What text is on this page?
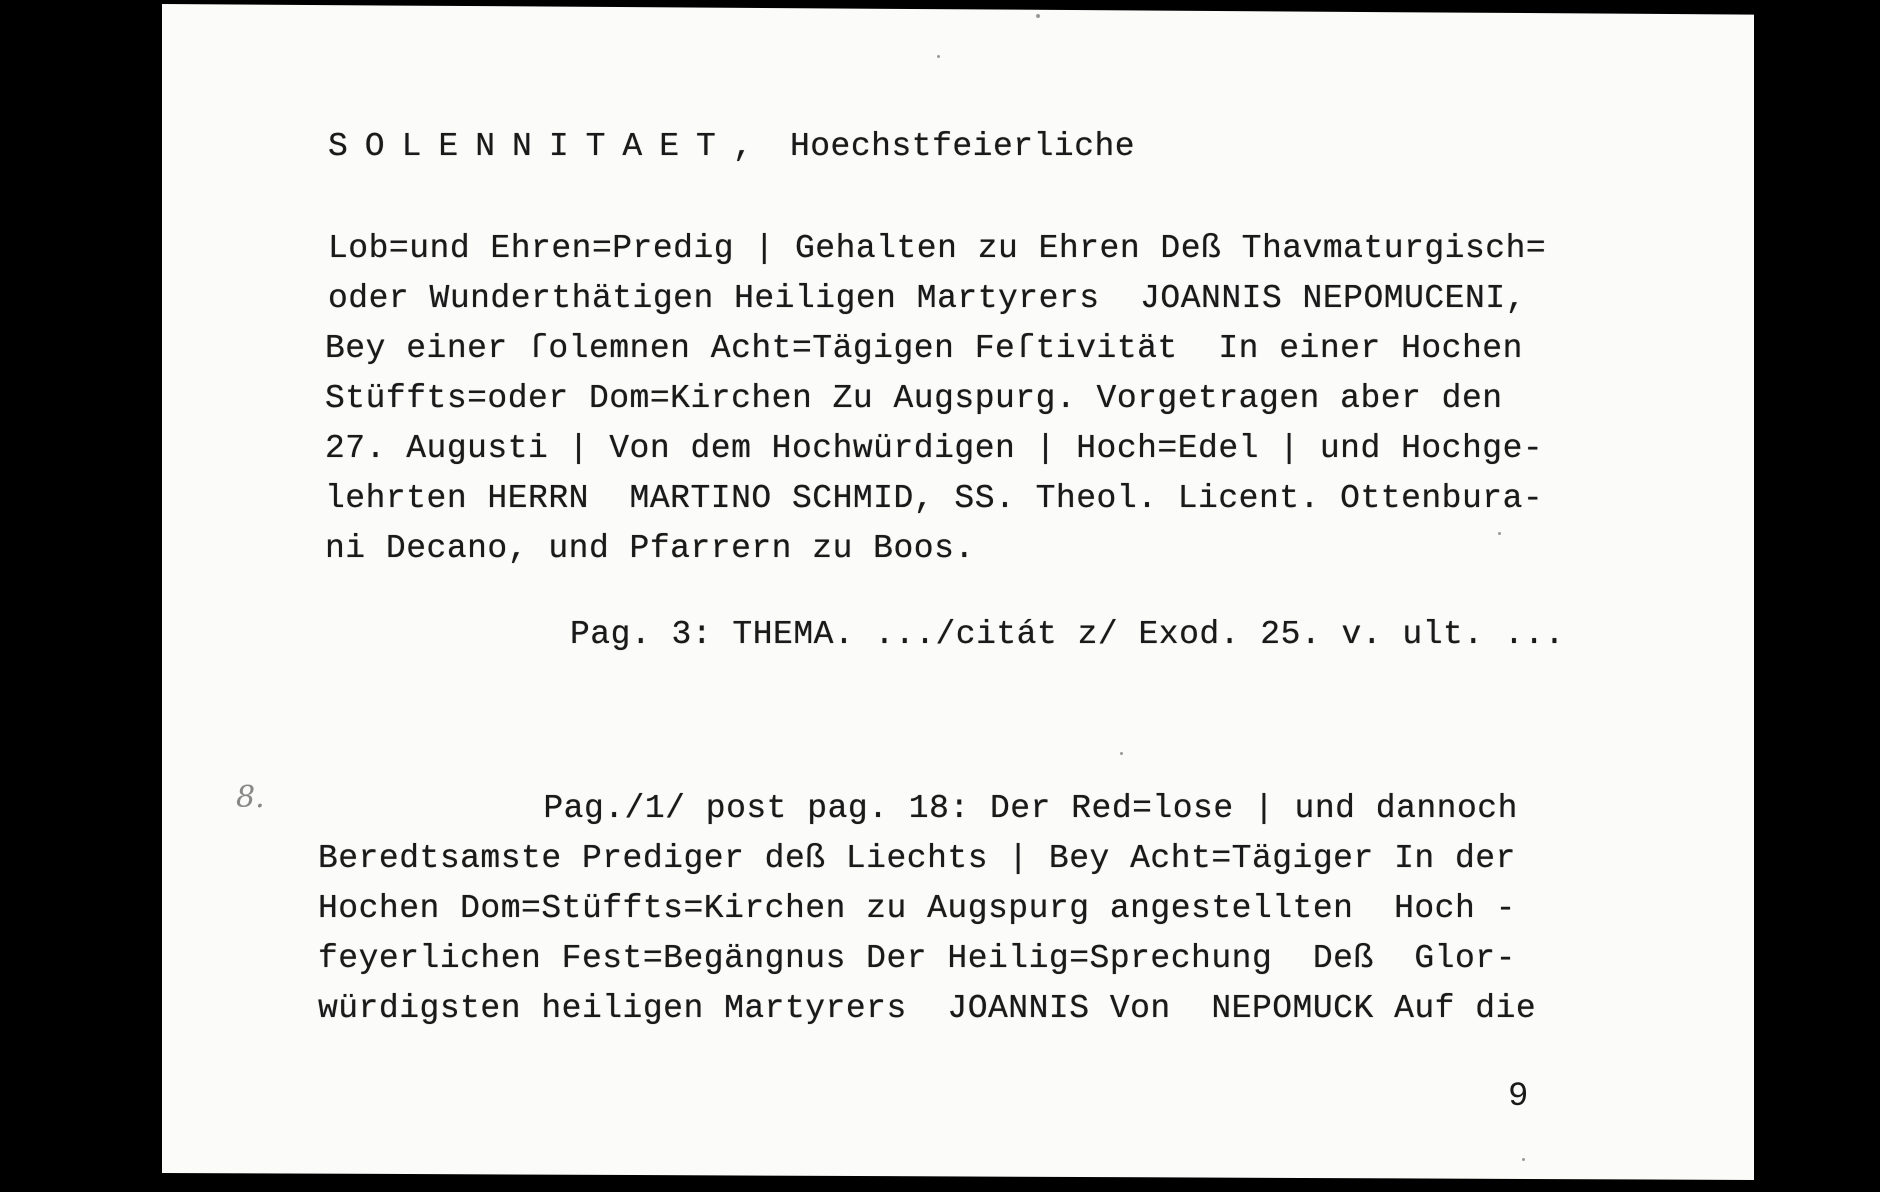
SOLENNITAET, Hoechstfeierliche
Lob=und Ehren=Predig | Gehalten zu Ehren Deß Thavmaturgisch=
oder Wunderthätigen Heiligen Martyrers  JOANNIS NEPOMUCENI,
Bey einer ſolemnen Acht=Tägigen Feſtivität  In einer Hochen
Stüffts=oder Dom=Kirchen Zu Augspurg. Vorgetragen aber den
27. Augusti | Von dem Hochwürdigen | Hoch=Edel | und Hochge-
lehrten HERRN  MARTINO SCHMID, SS. Theol. Licent. Ottenbura-
ni Decano, und Pfarrern zu Boos.
Pag. 3: THEMA. .../citát z/ Exod. 25. v. ult. ...
8. Pag./1/ post pag. 18: Der Red=lose | und dannoch
Beredtsamste Prediger deß Liechts | Bey Acht=Tägiger In der
Hochen Dom=Stüffts=Kirchen zu Augspurg angestellten  Hoch -
feyerlichen Fest=Begängnus Der Heilig=Sprechung  Deß  Glor-
würdigsten heiligen Martyrers  JOANNIS Von  NEPOMUCK Auf die
9
